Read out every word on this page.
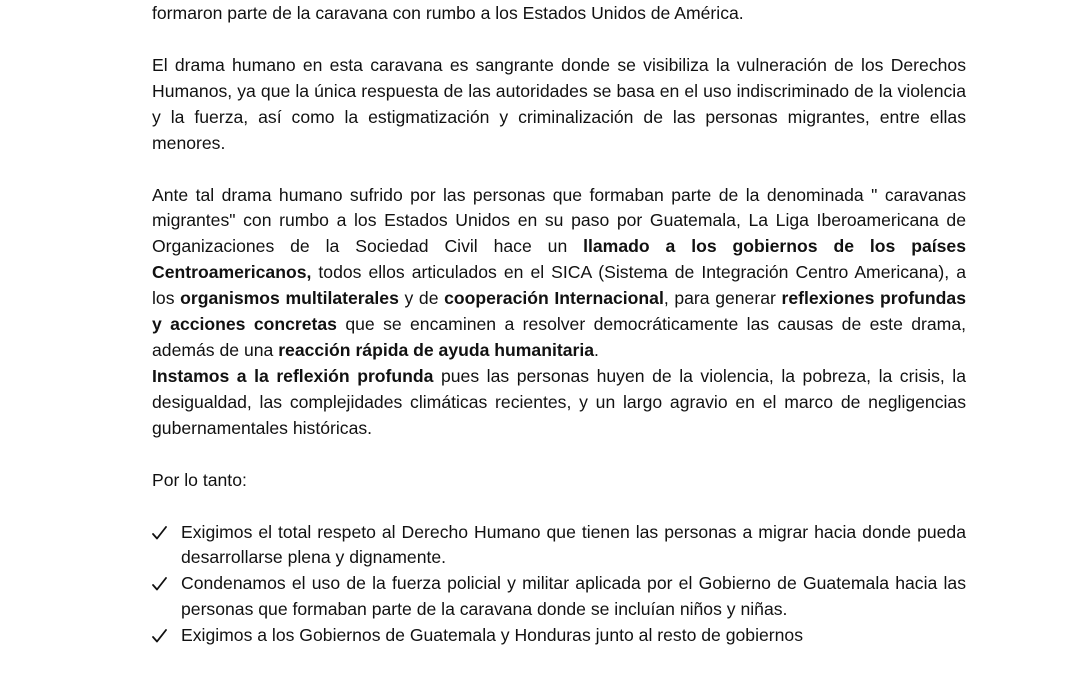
formaron parte de la caravana con rumbo a los Estados Unidos de América.

El drama humano en esta caravana es sangrante donde se visibiliza la vulneración de los Derechos Humanos, ya que la única respuesta de las autoridades se basa en el uso indiscriminado de la violencia y la fuerza, así como la estigmatización y criminalización de las personas migrantes, entre ellas menores.

Ante tal drama humano sufrido por las personas que formaban parte de la denominada " caravanas migrantes" con rumbo a los Estados Unidos en su paso por Guatemala, La Liga Iberoamericana de Organizaciones de la Sociedad Civil hace un llamado a los gobiernos de los países Centroamericanos, todos ellos articulados en el SICA (Sistema de Integración Centro Americana), a los organismos multilaterales y de cooperación Internacional, para generar reflexiones profundas y acciones concretas que se encaminen a resolver democráticamente las causas de este drama, además de una reacción rápida de ayuda humanitaria.

Instamos a la reflexión profunda pues las personas huyen de la violencia, la pobreza, la crisis, la desigualdad, las complejidades climáticas recientes, y un largo agravio en el marco de negligencias gubernamentales históricas.

Por lo tanto:

Exigimos el total respeto al Derecho Humano que tienen las personas a migrar hacia donde pueda desarrollarse plena y dignamente.
Condenamos el uso de la fuerza policial y militar aplicada por el Gobierno de Guatemala hacia las personas que formaban parte de la caravana donde se incluían niños y niñas.
Exigimos a los Gobiernos de Guatemala y Honduras junto al resto de gobiernos
